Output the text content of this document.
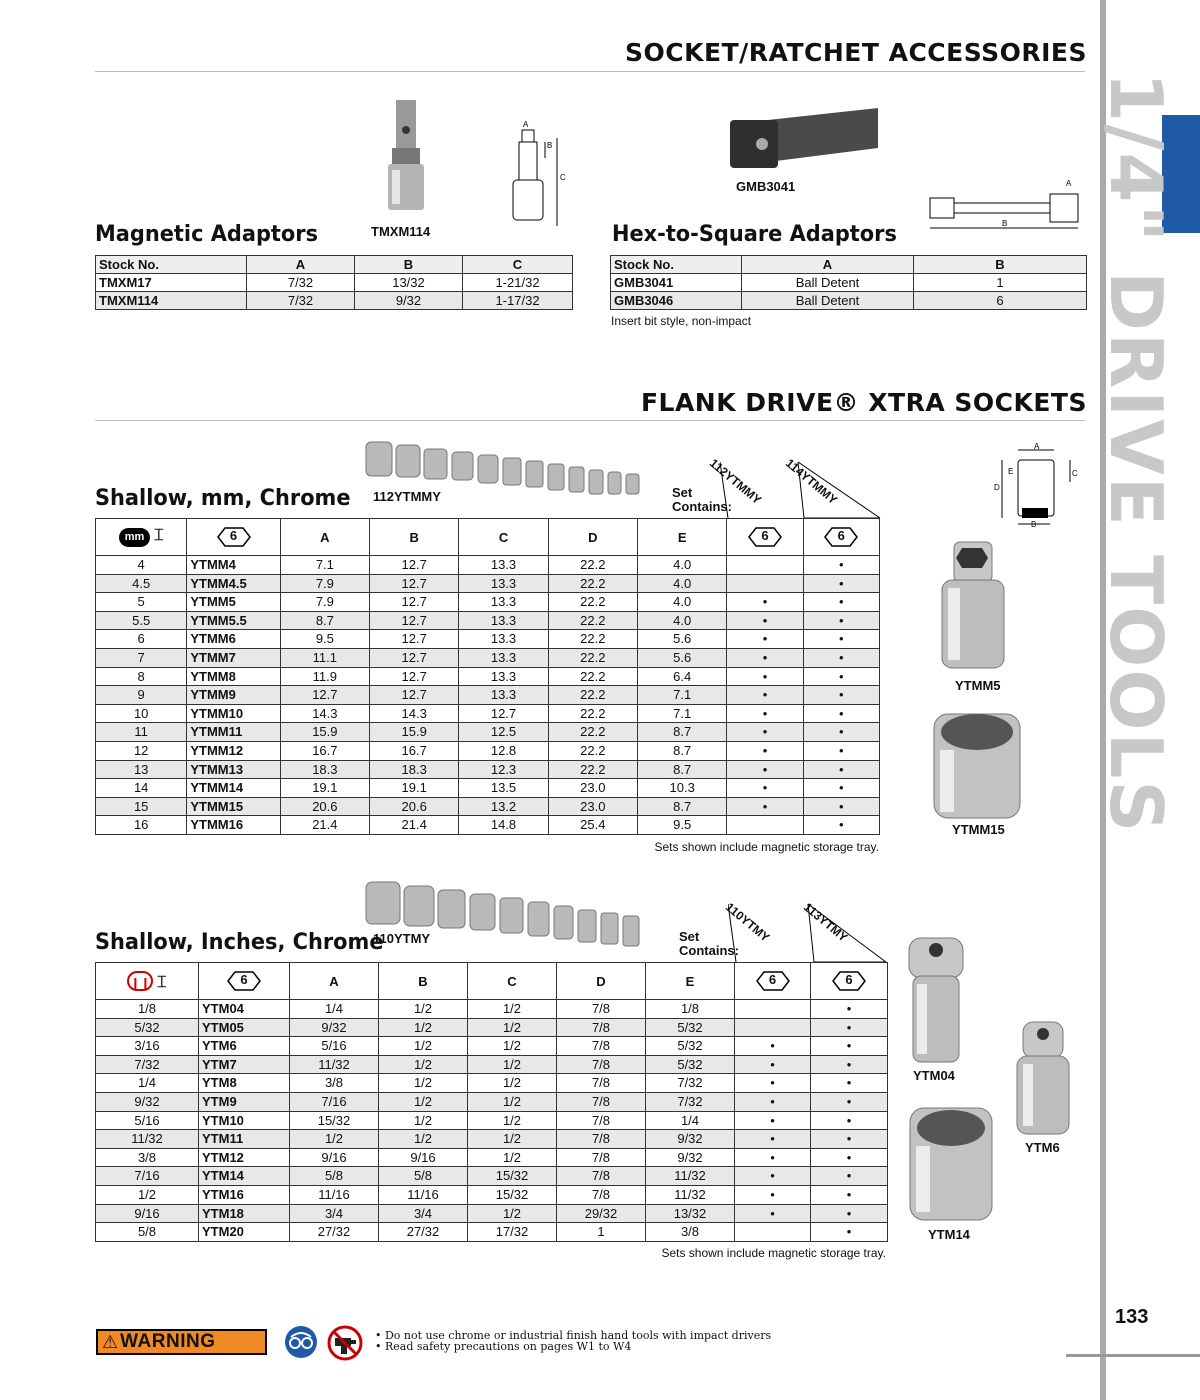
1/4" DRIVE TOOLS
133
SOCKET/RATCHET ACCESSORIES
TMXM114
A
B
C
GMB3041	A
B
Magnetic Adaptors	Hex-to-Square Adaptors
Stock No.	A	B	C
TMXM17	7/32	13/32	1-21/32
TMXM114	7/32	9/32	1-17/32
Stock No.	A	B
GMB3041	Ball Detent	1
GMB3046	Ball Detent	6
Insert bit style, non-impact
FLANK DRIVE® XTRA SOCKETS
112YTMMY
Shallow, mm, Chrome	Set Contains:
112YTMMY 114YTMMY
A
B
C
D
E
mm ⌶	6	A	B	C	D	E	6	6
4	YTMM4	7.1	12.7	13.3	22.2	4.0		•
4.5	YTMM4.5	7.9	12.7	13.3	22.2	4.0		•
5	YTMM5	7.9	12.7	13.3	22.2	4.0	•	•
5.5	YTMM5.5	8.7	12.7	13.3	22.2	4.0	•	•
6	YTMM6	9.5	12.7	13.3	22.2	5.6	•	•
7	YTMM7	11.1	12.7	13.3	22.2	5.6	•	•
8	YTMM8	11.9	12.7	13.3	22.2	6.4	•	•
9	YTMM9	12.7	12.7	13.3	22.2	7.1	•	•
10	YTMM10	14.3	14.3	12.7	22.2	7.1	•	•
11	YTMM11	15.9	15.9	12.5	22.2	8.7	•	•
12	YTMM12	16.7	16.7	12.8	22.2	8.7	•	•
13	YTMM13	18.3	18.3	12.3	22.2	8.7	•	•
14	YTMM14	19.1	19.1	13.5	23.0	10.3	•	•
15	YTMM15	20.6	20.6	13.2	23.0	8.7	•	•
16	YTMM16	21.4	21.4	14.8	25.4	9.5		•
Sets shown include magnetic storage tray.
YTMM5
YTMM15
110YTMY
Shallow, Inches, Chrome	Set Contains:
110YTMY 113YTMY
❙❙ ⌶	6	A	B	C	D	E	6	6
1/8	YTM04	1/4	1/2	1/2	7/8	1/8		•
5/32	YTM05	9/32	1/2	1/2	7/8	5/32		•
3/16	YTM6	5/16	1/2	1/2	7/8	5/32	•	•
7/32	YTM7	11/32	1/2	1/2	7/8	5/32	•	•
1/4	YTM8	3/8	1/2	1/2	7/8	7/32	•	•
9/32	YTM9	7/16	1/2	1/2	7/8	7/32	•	•
5/16	YTM10	15/32	1/2	1/2	7/8	1/4	•	•
11/32	YTM11	1/2	1/2	1/2	7/8	9/32	•	•
3/8	YTM12	9/16	9/16	1/2	7/8	9/32	•	•
7/16	YTM14	5/8	5/8	15/32	7/8	11/32	•	•
1/2	YTM16	11/16	11/16	15/32	7/8	11/32	•	•
9/16	YTM18	3/4	3/4	1/2	29/32	13/32	•	•
5/8	YTM20	27/32	27/32	17/32	1	3/8		•
Sets shown include magnetic storage tray.
YTM04
YTM6
YTM14
⚠ WARNING	• Do not use chrome or industrial finish hand tools with impact drivers
• Read safety precautions on pages W1 to W4
